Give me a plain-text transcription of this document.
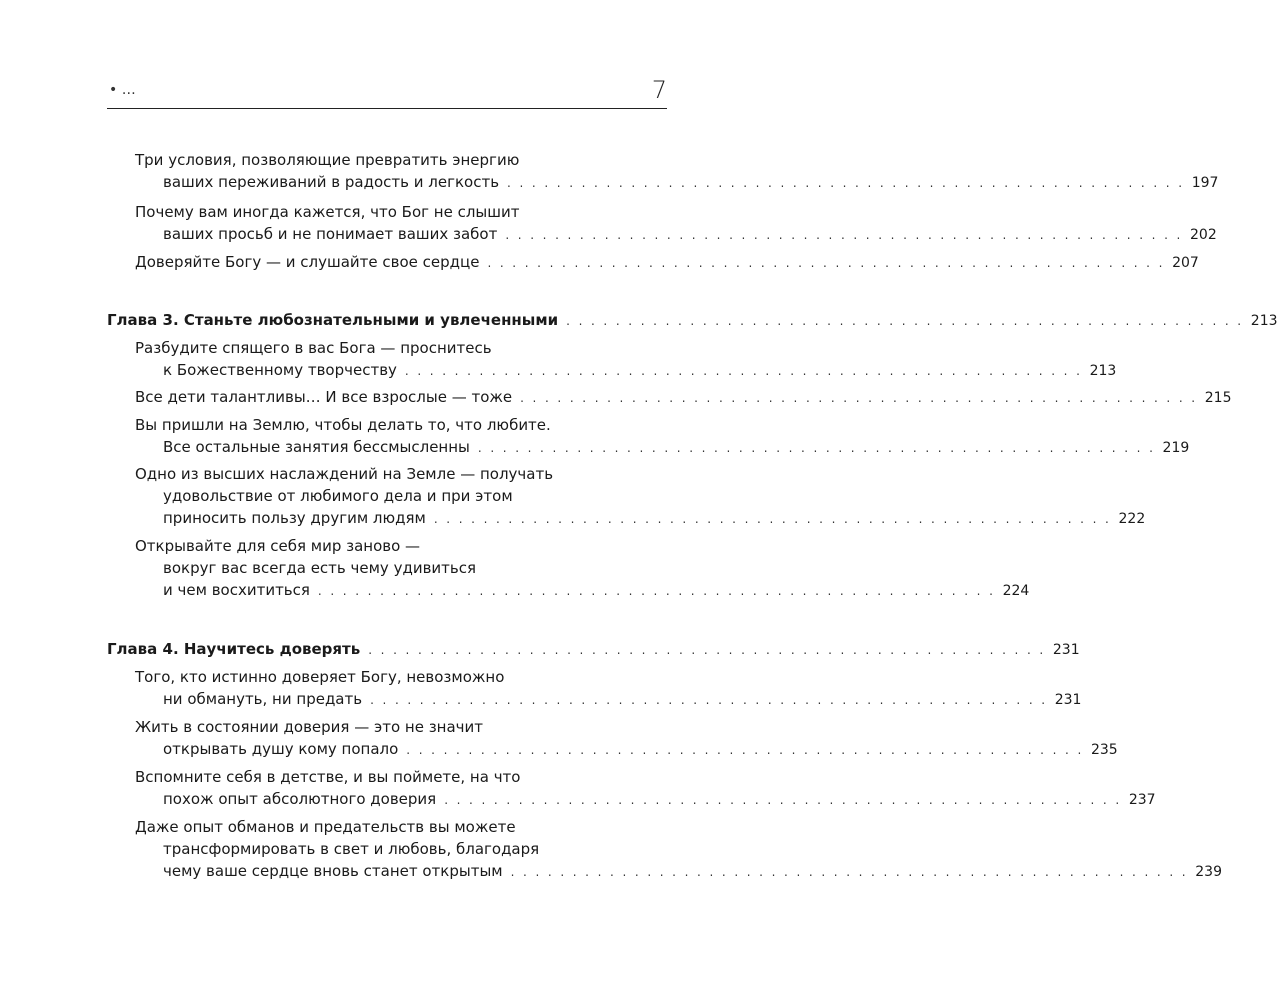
• …	7
Три условия, позволяющие превратить энергию
ваших переживаний в радость и легкость . . . . . . . . . . . . . . . . . . . . . . . . . . . . . . . . . . . . . . . . . . . . . . . . . . . . . . . 197
Почему вам иногда кажется, что Бог не слышит
ваших просьб и не понимает ваших забот . . . . . . . . . . . . . . . . . . . . . . . . . . . . . . . . . . . . . . . . . . . . . . . . . . . . . . . 202
Доверяйте Богу — и слушайте свое сердце . . . . . . . . . . . . . . . . . . . . . . . . . . . . . . . . . . . . . . . . . . . . . . . . . . . . . . . 207
Глава 3. Станьте любознательными и увлеченными . . . . . . . . . . . . . . . . . . . . . . . . . . . . . . . . . . . . . . . . . . . . . . . . . . . . . . . 213
Разбудите спящего в вас Бога — проснитесь
к Божественному творчеству . . . . . . . . . . . . . . . . . . . . . . . . . . . . . . . . . . . . . . . . . . . . . . . . . . . . . . . 213
Все дети талантливы… И все взрослые — тоже . . . . . . . . . . . . . . . . . . . . . . . . . . . . . . . . . . . . . . . . . . . . . . . . . . . . . . . 215
Вы пришли на Землю, чтобы делать то, что любите.
Все остальные занятия бессмысленны . . . . . . . . . . . . . . . . . . . . . . . . . . . . . . . . . . . . . . . . . . . . . . . . . . . . . . . 219
Одно из высших наслаждений на Земле — получать
удовольствие от любимого дела и при этом
приносить пользу другим людям . . . . . . . . . . . . . . . . . . . . . . . . . . . . . . . . . . . . . . . . . . . . . . . . . . . . . . . 222
Открывайте для себя мир заново —
вокруг вас всегда есть чему удивиться
и чем восхититься . . . . . . . . . . . . . . . . . . . . . . . . . . . . . . . . . . . . . . . . . . . . . . . . . . . . . . . 224
Глава 4. Научитесь доверять . . . . . . . . . . . . . . . . . . . . . . . . . . . . . . . . . . . . . . . . . . . . . . . . . . . . . . . 231
Того, кто истинно доверяет Богу, невозможно
ни обмануть, ни предать . . . . . . . . . . . . . . . . . . . . . . . . . . . . . . . . . . . . . . . . . . . . . . . . . . . . . . . 231
Жить в состоянии доверия — это не значит
открывать душу кому попало . . . . . . . . . . . . . . . . . . . . . . . . . . . . . . . . . . . . . . . . . . . . . . . . . . . . . . . 235
Вспомните себя в детстве, и вы поймете, на что
похож опыт абсолютного доверия . . . . . . . . . . . . . . . . . . . . . . . . . . . . . . . . . . . . . . . . . . . . . . . . . . . . . . . 237
Даже опыт обманов и предательств вы можете
трансформировать в свет и любовь, благодаря
чему ваше сердце вновь станет открытым . . . . . . . . . . . . . . . . . . . . . . . . . . . . . . . . . . . . . . . . . . . . . . . . . . . . . . . 239
